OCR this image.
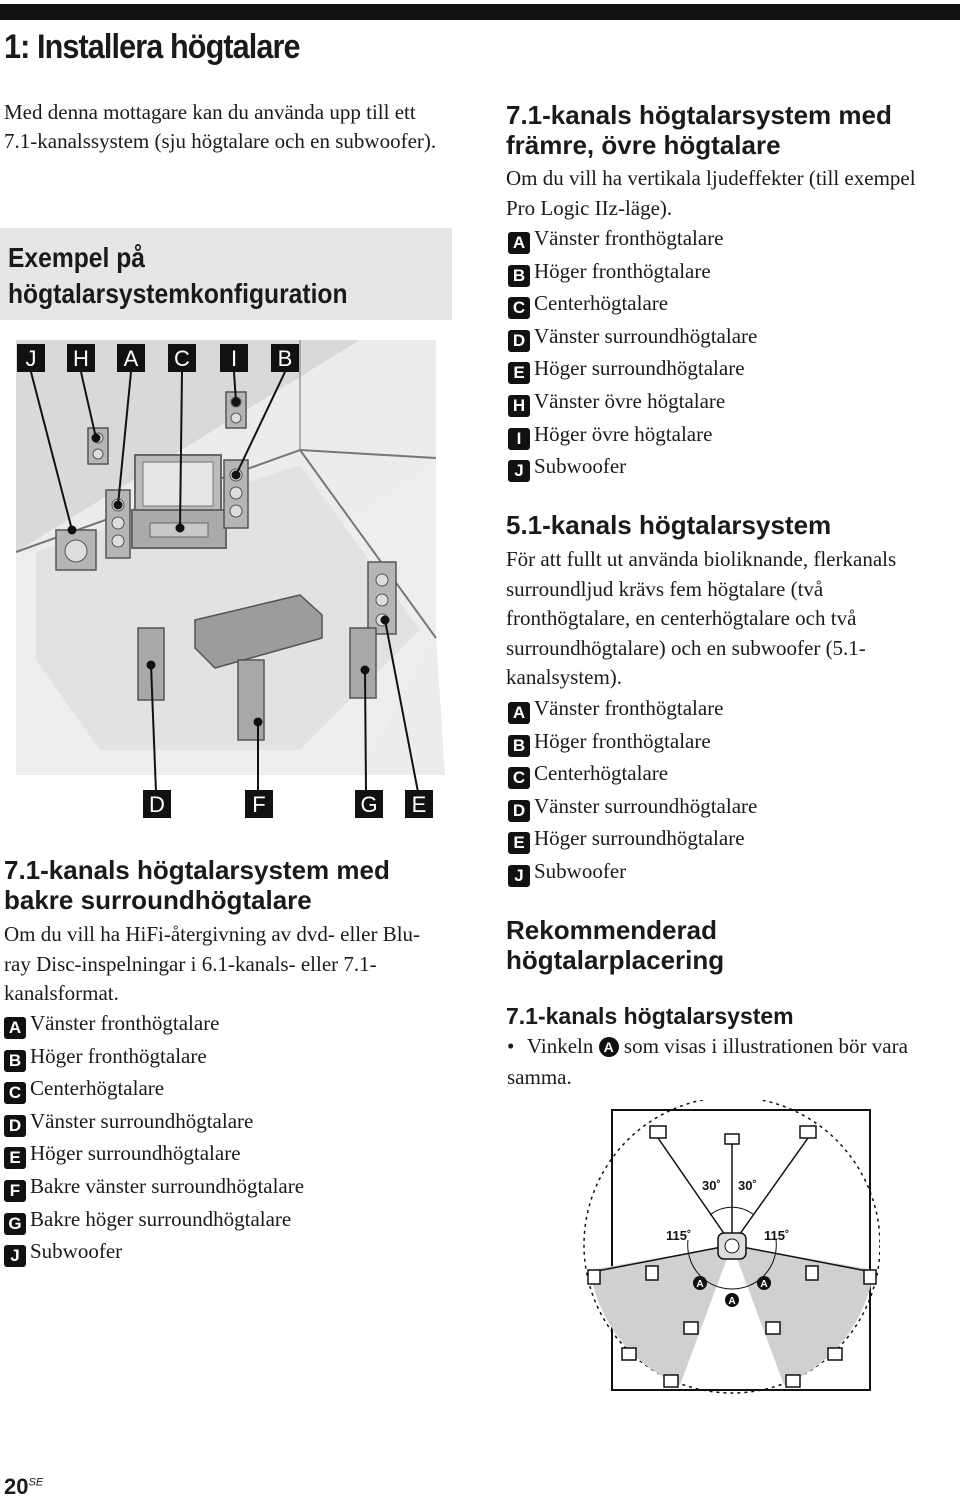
1: Installera högtalare

Med denna mottagare kan du använda upp till ett 7.1-kanalssystem (sju högtalare och en subwoofer).

Exempel på högtalarsystemkonfiguration
J H A C I B
D	F	G E
7.1-kanals högtalarsystem med bakre surroundhögtalare

Om du vill ha HiFi-återgivning av dvd- eller Blu-ray Disc-inspelningar i 6.1-kanals- eller 7.1-kanalsformat.

A Vänster fronthögtalare
B Höger fronthögtalare
C Centerhögtalare
D Vänster surroundhögtalare
E Höger surroundhögtalare
F Bakre vänster surroundhögtalare
G Bakre höger surroundhögtalare
J Subwoofer
7.1-kanals högtalarsystem med främre, övre högtalare

Om du vill ha vertikala ljudeffekter (till exempel Pro Logic IIz-läge).

A Vänster fronthögtalare
B Höger fronthögtalare
C Centerhögtalare
D Vänster surroundhögtalare
E Höger surroundhögtalare
H Vänster övre högtalare
I Höger övre högtalare
J Subwoofer
5.1-kanals högtalarsystem

För att fullt ut använda bioliknande, flerkanals surroundljud krävs fem högtalare (två fronthögtalare, en centerhögtalare och två surroundhögtalare) och en subwoofer (5.1-kanalsystem).

A Vänster fronthögtalare
B Höger fronthögtalare
C Centerhögtalare
D Vänster surroundhögtalare
E Höger surroundhögtalare
J Subwoofer
Rekommenderad högtalarplacering
7.1-kanals högtalarsystem

• Vinkeln A som visas i illustrationen bör vara samma.

30˚ 30˚
115˚	115˚
A	A
A
$20^{SE}$
